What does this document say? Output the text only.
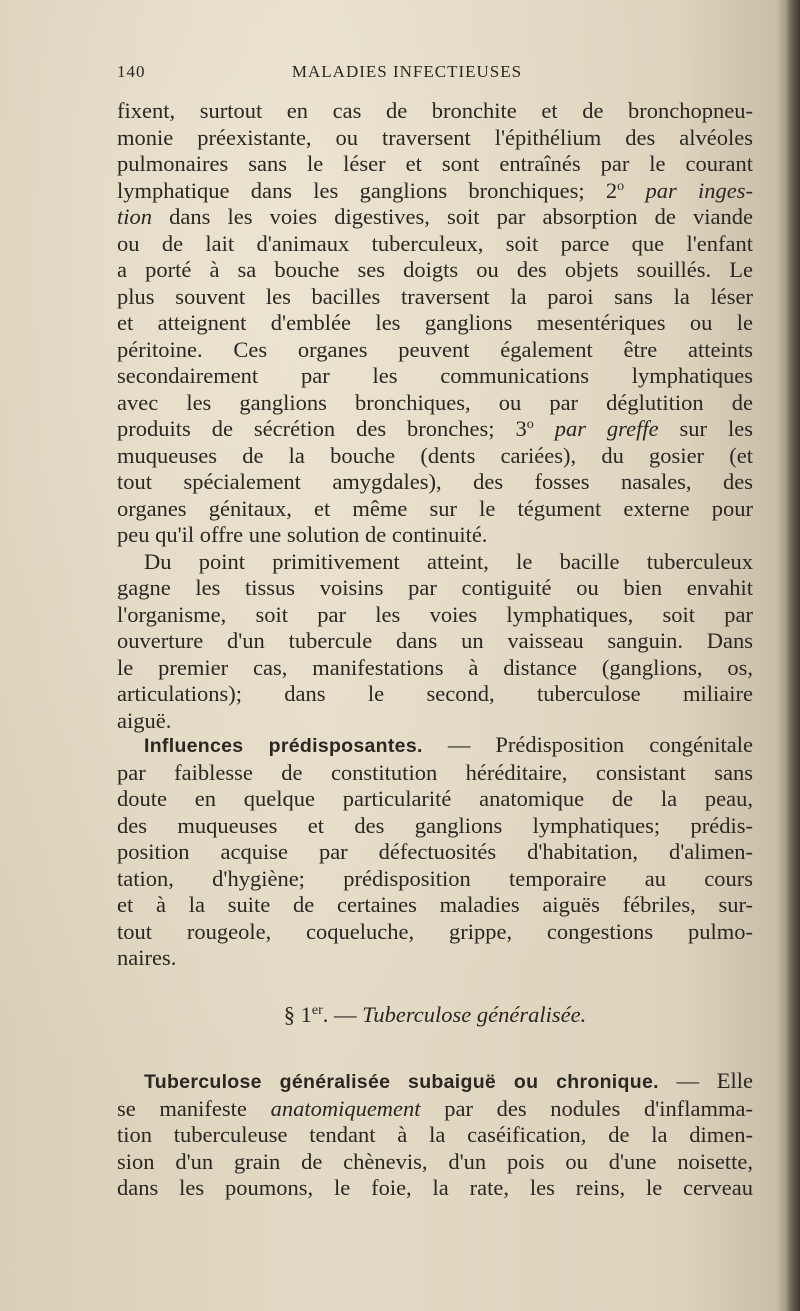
140	MALADIES INFECTIEUSES
fixent, surtout en cas de bronchite et de bronchopneu-
monie préexistante, ou traversent l'épithélium des alvéoles
pulmonaires sans le léser et sont entraînés par le courant
lymphatique dans les ganglions bronchiques; 2$^o$ par inges-
tion dans les voies digestives, soit par absorption de viande
ou de lait d'animaux tuberculeux, soit parce que l'enfant
a porté à sa bouche ses doigts ou des objets souillés. Le
plus souvent les bacilles traversent la paroi sans la léser
et atteignent d'emblée les ganglions mesentériques ou le
péritoine. Ces organes peuvent également être atteints
secondairement par les communications lymphatiques
avec les ganglions bronchiques, ou par déglutition de
produits de sécrétion des bronches; 3$^o$ par greffe sur les
muqueuses de la bouche (dents cariées), du gosier (et
tout spécialement amygdales), des fosses nasales, des
organes génitaux, et même sur le tégument externe pour
peu qu'il offre une solution de continuité.
Du point primitivement atteint, le bacille tuberculeux
gagne les tissus voisins par contiguité ou bien envahit
l'organisme, soit par les voies lymphatiques, soit par
ouverture d'un tubercule dans un vaisseau sanguin. Dans
le premier cas, manifestations à distance (ganglions, os,
articulations); dans le second, tuberculose miliaire
aiguë.
Influences prédisposantes. — Prédisposition congénitale
par faiblesse de constitution héréditaire, consistant sans
doute en quelque particularité anatomique de la peau,
des muqueuses et des ganglions lymphatiques; prédis-
position acquise par défectuosités d'habitation, d'alimen-
tation, d'hygiène; prédisposition temporaire au cours
et à la suite de certaines maladies aiguës fébriles, sur-
tout rougeole, coqueluche, grippe, congestions pulmo-
naires.
§ 1er. — Tuberculose généralisée.
Tuberculose généralisée subaiguë ou chronique. — Elle
se manifeste anatomiquement par des nodules d'inflamma-
tion tuberculeuse tendant à la caséification, de la dimen-
sion d'un grain de chènevis, d'un pois ou d'une noisette,
dans les poumons, le foie, la rate, les reins, le cerveau
